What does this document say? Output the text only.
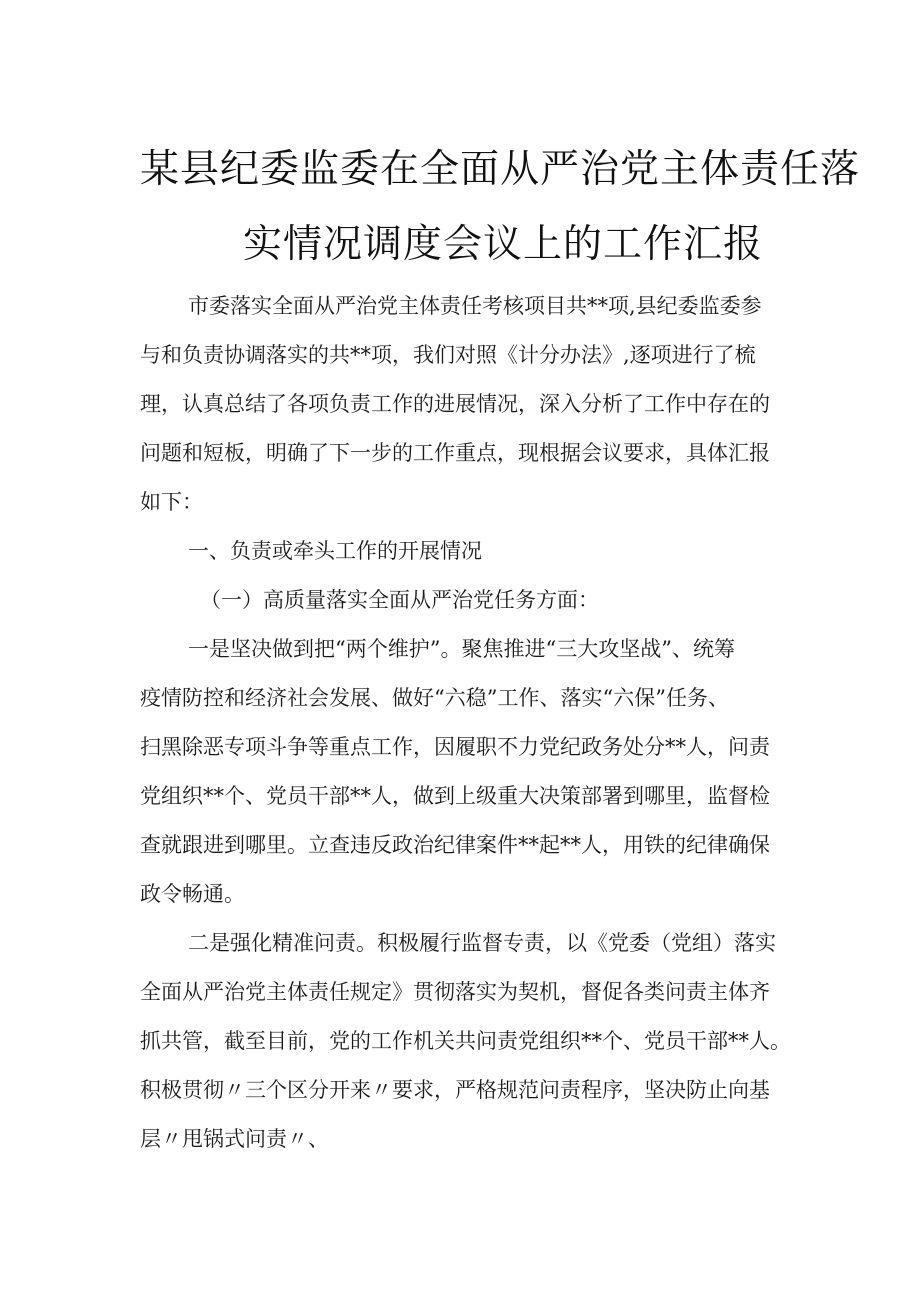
某县纪委监委在全面从严治党主体责任落
实情况调度会议上的工作汇报
市委落实全面从严治党主体责任考核项目共**项,县纪委监委参
与和负责协调落实的共**项，我们对照《计分办法》,逐项进行了梳
理，认真总结了各项负责工作的进展情况，深入分析了工作中存在的
问题和短板，明确了下一步的工作重点，现根据会议要求，具体汇报
如下：
一、负责或牵头工作的开展情况
（一）高质量落实全面从严治党任务方面：
一是坚决做到把“两个维护”。聚焦推进“三大攻坚战”、统筹
疫情防控和经济社会发展、做好“六稳”工作、落实“六保”任务、
扫黑除恶专项斗争等重点工作，因履职不力党纪政务处分**人，问责
党组织**个、党员干部**人，做到上级重大决策部署到哪里，监督检
查就跟进到哪里。立查违反政治纪律案件**起**人，用铁的纪律确保
政令畅通。
二是强化精准问责。积极履行监督专责，以《党委（党组）落实
全面从严治党主体责任规定》贯彻落实为契机，督促各类问责主体齐
抓共管，截至目前，党的工作机关共问责党组织**个、党员干部**人。
积极贯彻〃三个区分开来〃要求，严格规范问责程序，坚决防止向基
层〃甩锅式问责〃、
